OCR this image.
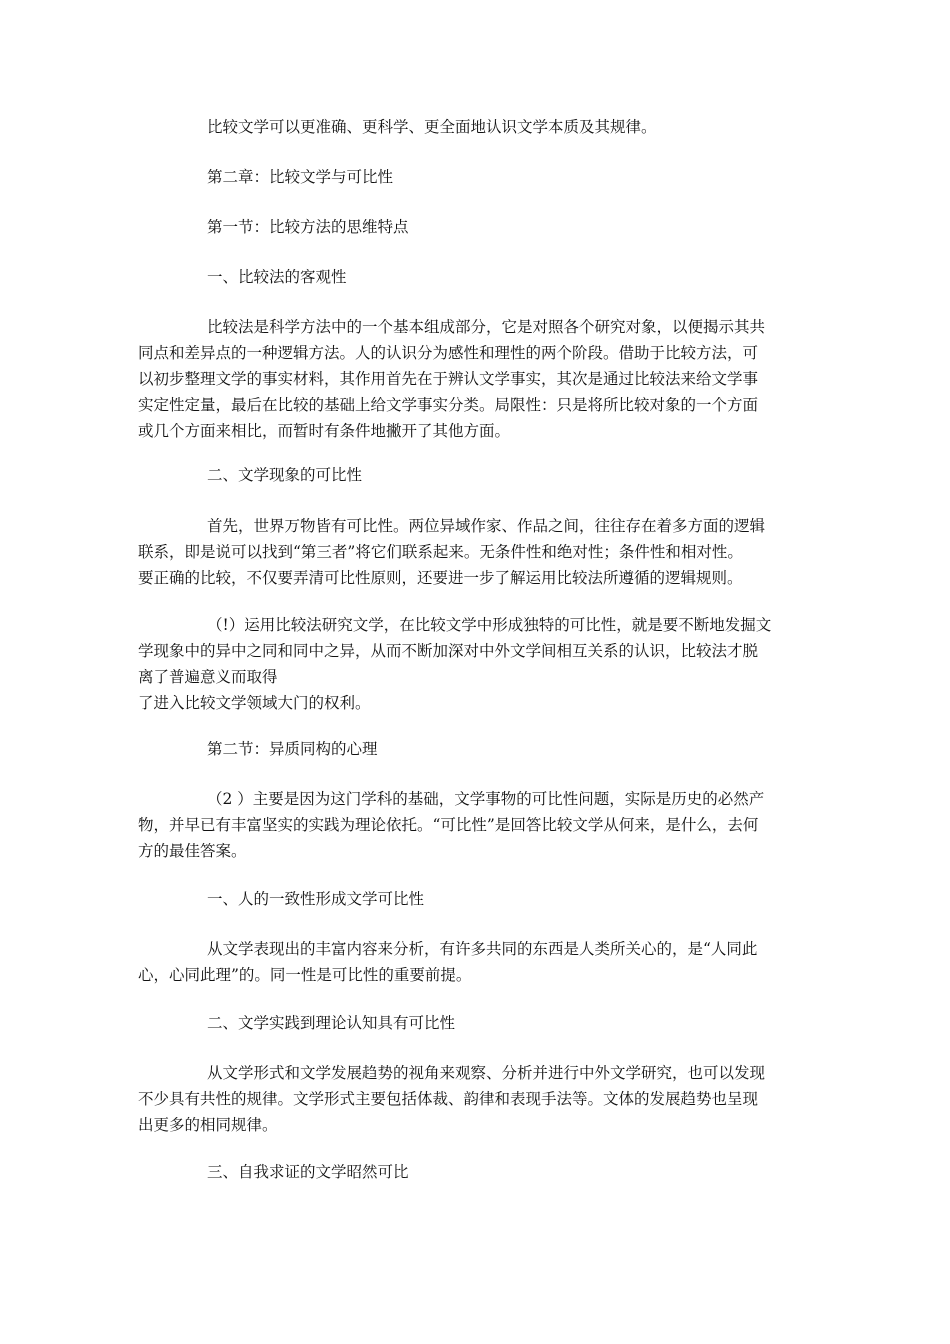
比较文学可以更准确、更科学、更全面地认识文学本质及其规律。
第二章：比较文学与可比性
第一节：比较方法的思维特点
一、比较法的客观性
比较法是科学方法中的一个基本组成部分，它是对照各个研究对象，以便揭示其共
同点和差异点的一种逻辑方法。人的认识分为感性和理性的两个阶段。借助于比较方法，可
以初步整理文学的事实材料，其作用首先在于辨认文学事实，其次是通过比较法来给文学事
实定性定量，最后在比较的基础上给文学事实分类。局限性：只是将所比较对象的一个方面
或几个方面来相比，而暂时有条件地撇开了其他方面。
二、文学现象的可比性
首先，世界万物皆有可比性。两位异域作家、作品之间，往往存在着多方面的逻辑
联系，即是说可以找到“第三者”将它们联系起来。无条件性和绝对性；条件性和相对性。
要正确的比较，不仅要弄清可比性原则，还要进一步了解运用比较法所遵循的逻辑规则。
（!）运用比较法研究文学，在比较文学中形成独特的可比性，就是要不断地发掘文
学现象中的异中之同和同中之异，从而不断加深对中外文学间相互关系的认识，比较法才脱
离了普遍意义而取得
了进入比较文学领域大门的权利。
第二节：异质同构的心理
（2 ）主要是因为这门学科的基础，文学事物的可比性问题，实际是历史的必然产
物，并早已有丰富坚实的实践为理论依托。“可比性”是回答比较文学从何来，是什么，去何
方的最佳答案。
一、人的一致性形成文学可比性
从文学表现出的丰富内容来分析，有许多共同的东西是人类所关心的，是“人同此
心，心同此理”的。同一性是可比性的重要前提。
二、文学实践到理论认知具有可比性
从文学形式和文学发展趋势的视角来观察、分析并进行中外文学研究，也可以发现
不少具有共性的规律。文学形式主要包括体裁、韵律和表现手法等。文体的发展趋势也呈现
出更多的相同规律。
三、自我求证的文学昭然可比
